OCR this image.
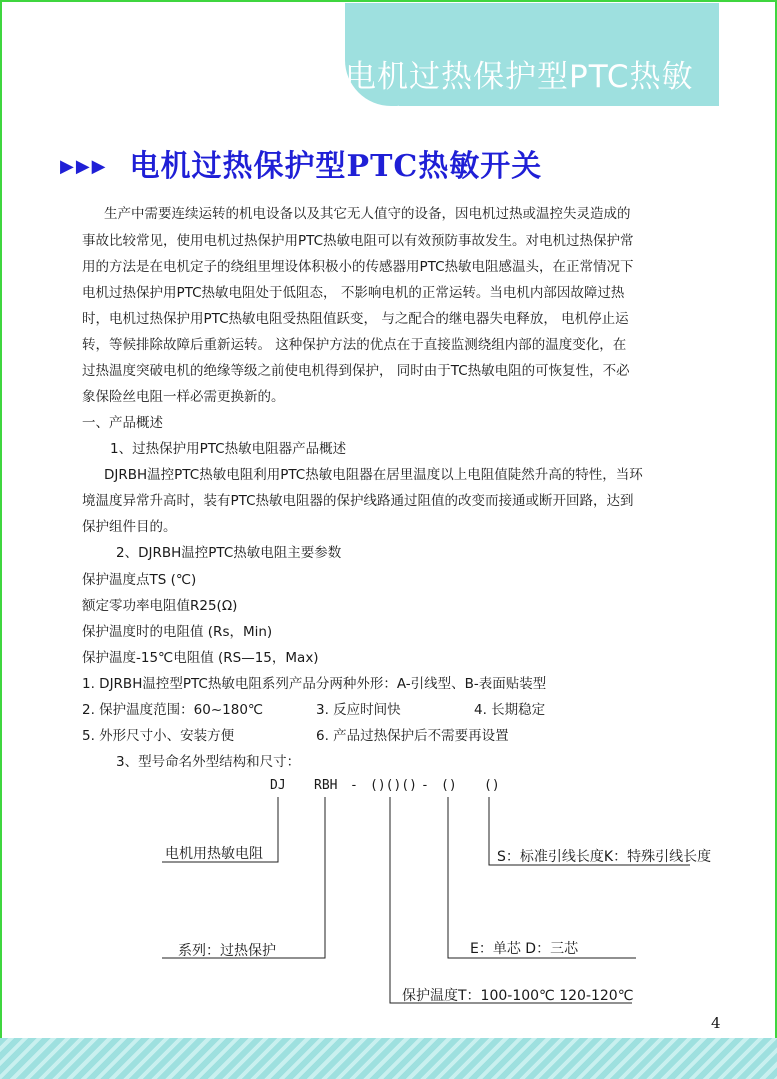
电机过热保护型PTC热敏开关
▶▶▶ 电机过热保护型PTC热敏开关
生产中需要连续运转的机电设备以及其它无人值守的设备，因电机过热或温控失灵造成的
事故比较常见，使用电机过热保护用PTC热敏电阻可以有效预防事故发生。对电机过热保护常
用的方法是在电机定子的绕组里埋设体积极小的传感器用PTC热敏电阻感温头，在正常情况下
电机过热保护用PTC热敏电阻处于低阻态， 不影响电机的正常运转。当电机内部因故障过热
时，电机过热保护用PTC热敏电阻受热阻值跃变， 与之配合的继电器失电释放， 电机停止运
转，等候排除故障后重新运转。 这种保护方法的优点在于直接监测绕组内部的温度变化，在
过热温度突破电机的绝缘等级之前使电机得到保护， 同时由于TC热敏电阻的可恢复性，不必
象保险丝电阻一样必需更换新的。
一、产品概述
1、过热保护用PTC热敏电阻器产品概述
DJRBH温控PTC热敏电阻利用PTC热敏电阻器在居里温度以上电阻值陡然升高的特性，当环
境温度异常升高时，装有PTC热敏电阻器的保护线路通过阻值的改变而接通或断开回路，达到
保护组件目的。
2、DJRBH温控PTC热敏电阻主要参数
保护温度点TS (℃)
额定零功率电阻值R25(Ω)
保护温度时的电阻值 (Rs，Min)
保护温度-15℃电阻值 (RS—15，Max)
1. DJRBH温控型PTC热敏电阻系列产品分两种外形：A-引线型、B-表面贴装型
2. 保护温度范围：60~180℃	3. 反应时间快	4. 长期稳定
5. 外形尺寸小、安装方便	6. 产品过热保护后不需要再设置
3、型号命名外型结构和尺寸：
DJ RBH - ()()() - () ()
电机用热敏电阻
系列：过热保护
保护温度T：100-100℃ 120-120℃
E：单芯 D：三芯
S：标准引线长度K：特殊引线长度
4
